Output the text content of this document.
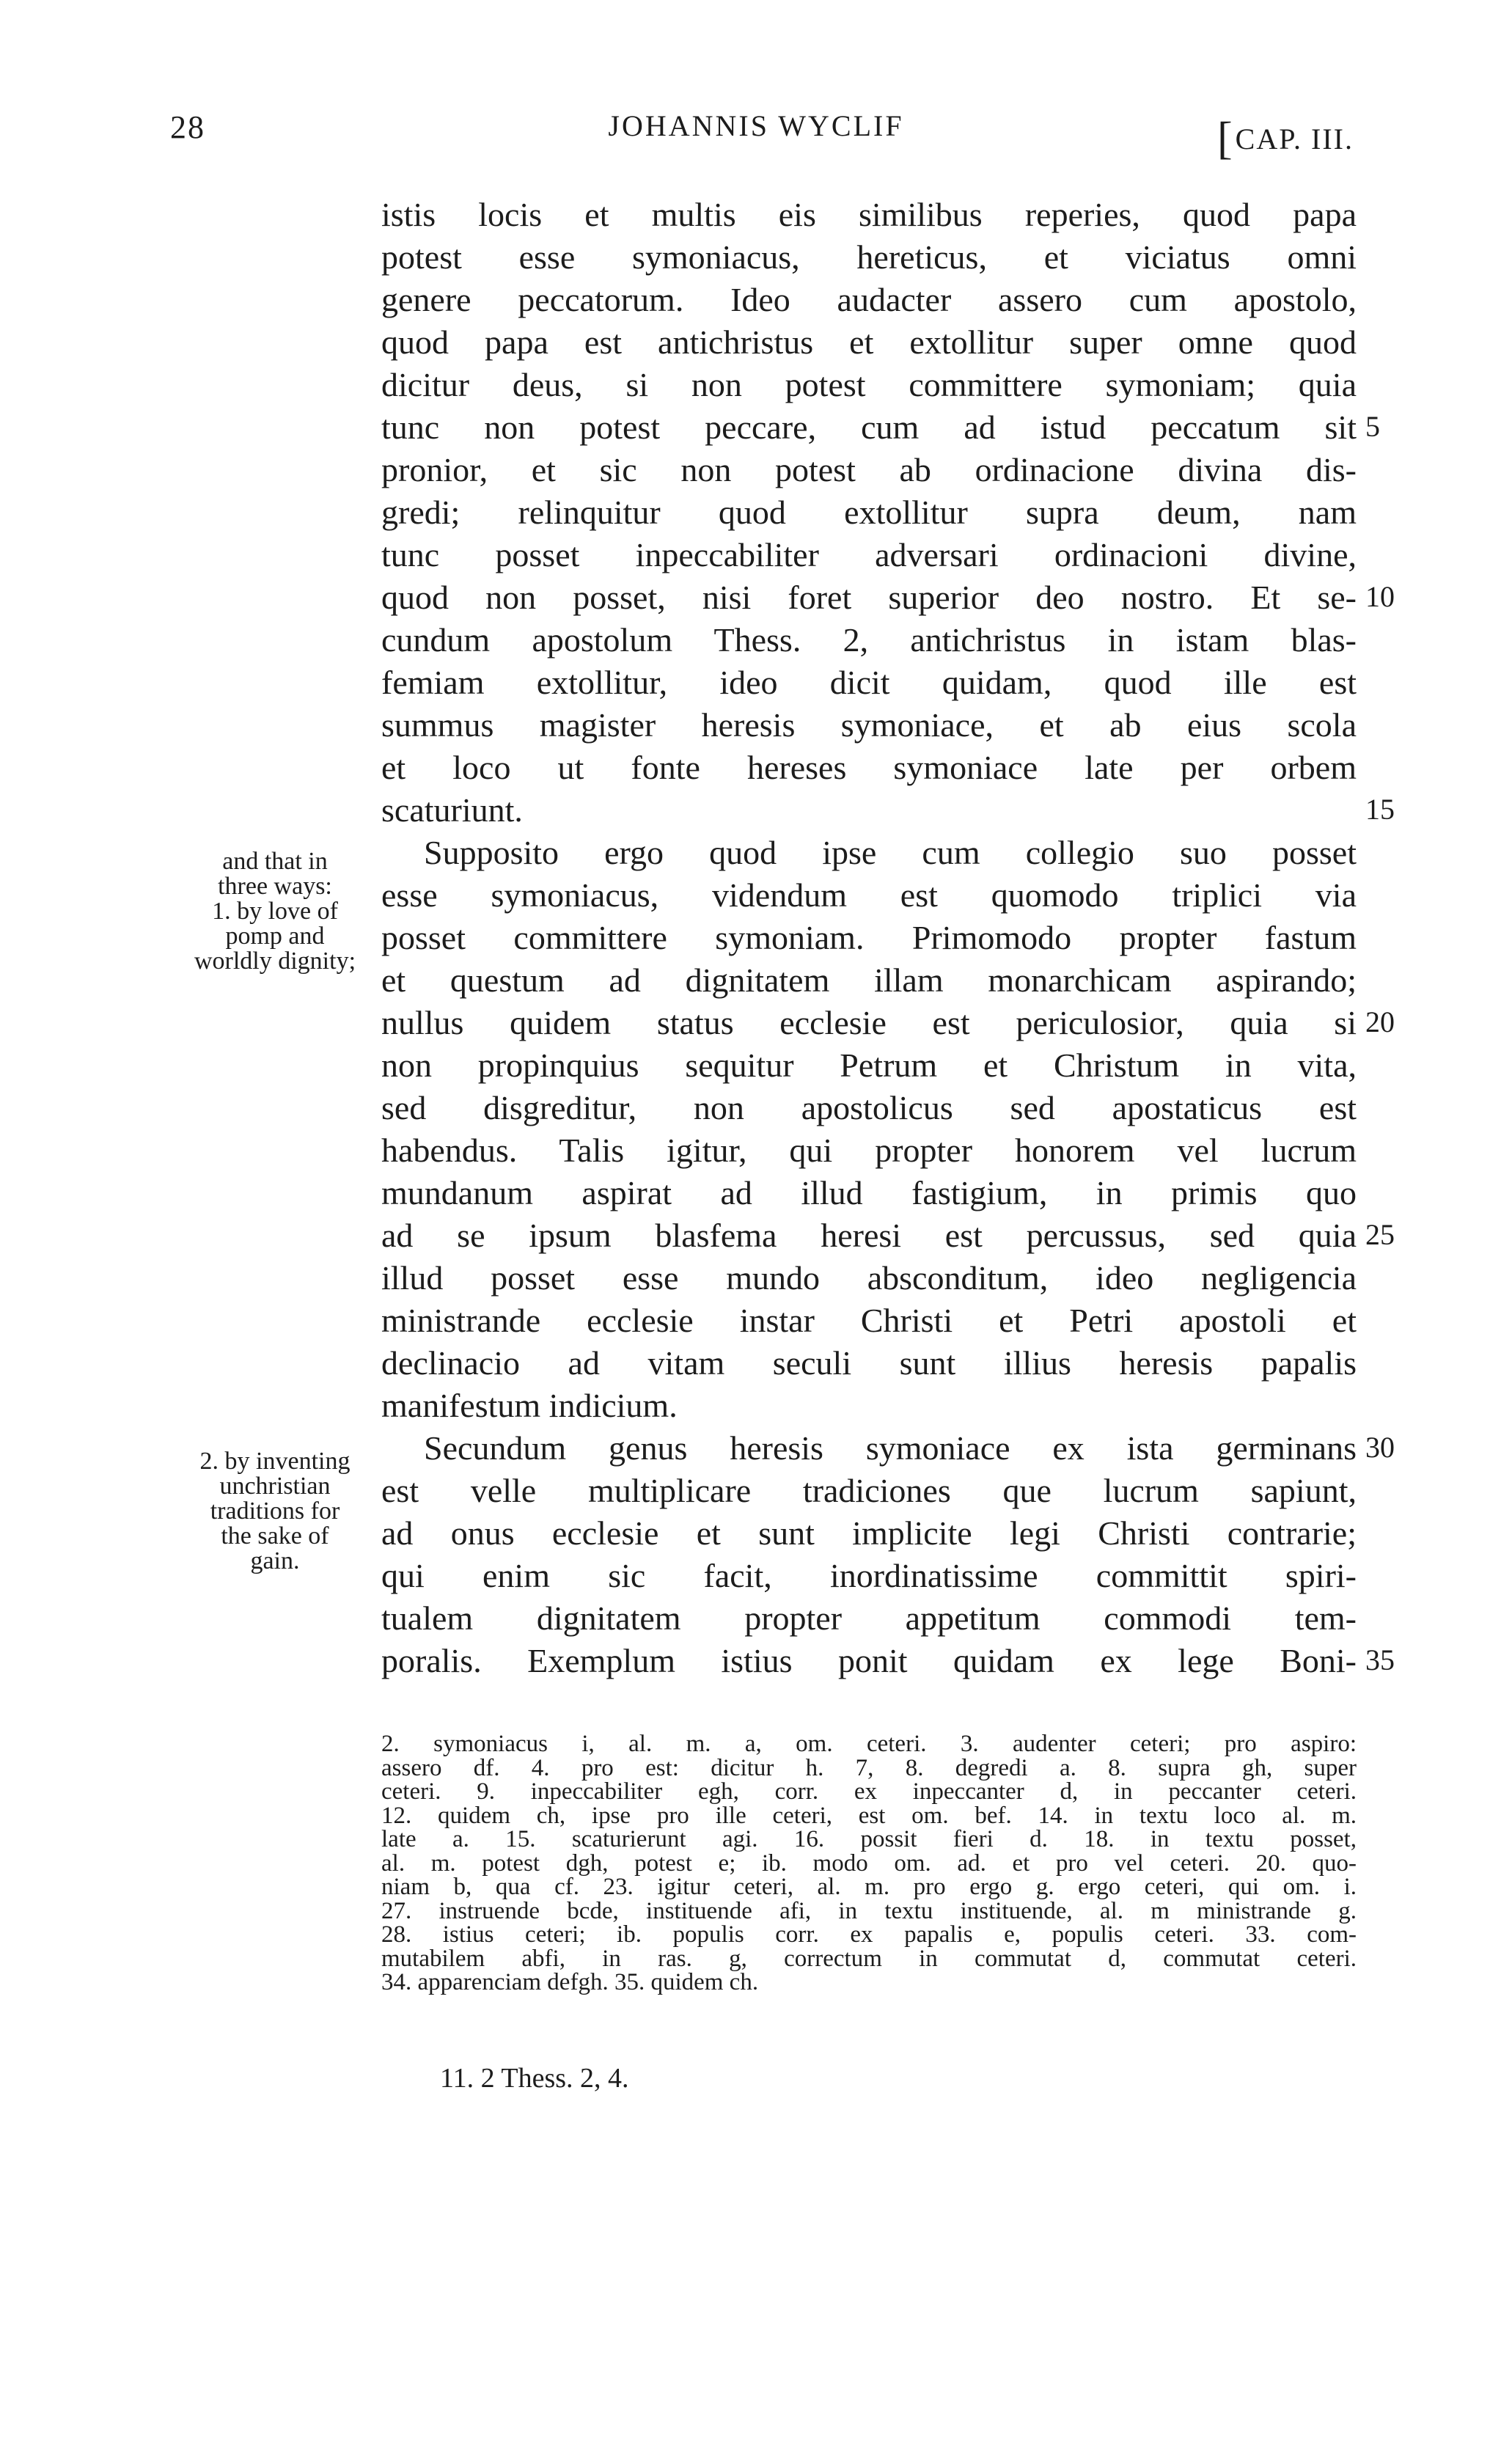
28	JOHANNIS WYCLIF	[CAP. III.
istis locis et multis eis similibus reperies, quod papa
potest esse symoniacus, hereticus, et viciatus omni
genere peccatorum. Ideo audacter assero cum apostolo,
quod papa est antichristus et extollitur super omne quod
dicitur deus, si non potest committere symoniam; quia
tunc non potest peccare, cum ad istud peccatum sit
pronior, et sic non potest ab ordinacione divina dis-
gredi; relinquitur quod extollitur supra deum, nam
tunc posset inpeccabiliter adversari ordinacioni divine,
quod non posset, nisi foret superior deo nostro. Et se-
cundum apostolum Thess. 2, antichristus in istam blas-
femiam extollitur, ideo dicit quidam, quod ille est
summus magister heresis symoniace, et ab eius scola
et loco ut fonte hereses symoniace late per orbem
scaturiunt.
Supposito ergo quod ipse cum collegio suo posset
esse symoniacus, videndum est quomodo triplici via
posset committere symoniam. Primomodo propter fastum
et questum ad dignitatem illam monarchicam aspirando;
nullus quidem status ecclesie est periculosior, quia si
non propinquius sequitur Petrum et Christum in vita,
sed disgreditur, non apostolicus sed apostaticus est
habendus. Talis igitur, qui propter honorem vel lucrum
mundanum aspirat ad illud fastigium, in primis quo
ad se ipsum blasfema heresi est percussus, sed quia
illud posset esse mundo absconditum, ideo negligencia
ministrande ecclesie instar Christi et Petri apostoli et
declinacio ad vitam seculi sunt illius heresis papalis
manifestum indicium.
Secundum genus heresis symoniace ex ista germinans
est velle multiplicare tradiciones que lucrum sapiunt,
ad onus ecclesie et sunt implicite legi Christi contrarie;
qui enim sic facit, inordinatissime committit spiri-
tualem dignitatem propter appetitum commodi tem-
poralis. Exemplum istius ponit quidam ex lege Boni-
5
10
15
20
25
30
35
and that in
three ways:
1. by love of
pomp and
worldly dignity;
2. by inventing
unchristian
traditions for
the sake of
gain.
2. symoniacus i, al. m. a, om. ceteri. 3. audenter ceteri; pro aspiro:
assero df. 4. pro est: dicitur h. 7, 8. degredi a. 8. supra gh, super
ceteri. 9. inpeccabiliter egh, corr. ex inpeccanter d, in peccanter ceteri.
12. quidem ch, ipse pro ille ceteri, est om. bef. 14. in textu loco al. m.
late a. 15. scaturierunt agi. 16. possit fieri d. 18. in textu posset,
al. m. potest dgh, potest e; ib. modo om. ad. et pro vel ceteri. 20. quo-
niam b, qua cf. 23. igitur ceteri, al. m. pro ergo g. ergo ceteri, qui om. i.
27. instruende bcde, instituende afi, in textu instituende, al. m ministrande g.
28. istius ceteri; ib. populis corr. ex papalis e, populis ceteri. 33. com-
mutabilem abfi, in ras. g, correctum in commutat d, commutat ceteri.
34. apparenciam defgh. 35. quidem ch.
11. 2 Thess. 2, 4.
